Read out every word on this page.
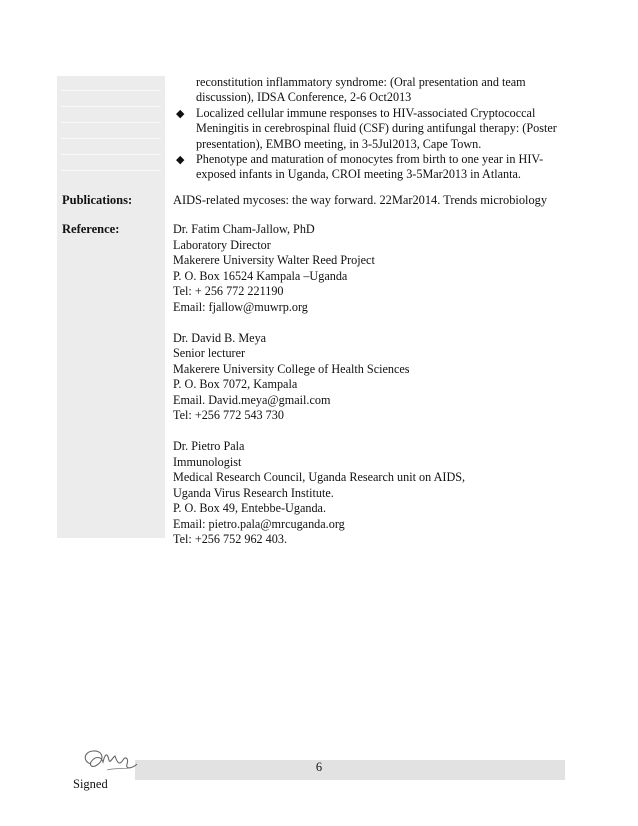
reconstitution inflammatory syndrome: (Oral presentation and team
discussion), IDSA Conference, 2-6 Oct2013
◆ Localized cellular immune responses to HIV-associated Cryptococcal
Meningitis in cerebrospinal fluid (CSF) during antifungal therapy: (Poster
presentation), EMBO meeting, in 3-5Jul2013, Cape Town.
◆ Phenotype and maturation of monocytes from birth to one year in HIV-
exposed infants in Uganda, CROI meeting 3-5Mar2013 in Atlanta.
Publications:	AIDS-related mycoses: the way forward. 22Mar2014. Trends microbiology
Reference:	Dr. Fatim Cham-Jallow, PhD
Laboratory Director
Makerere University Walter Reed Project
P. O. Box 16524 Kampala –Uganda
Tel: + 256 772 221190
Email: fjallow@muwrp.org
Dr. David B. Meya
Senior lecturer
Makerere University College of Health Sciences
P. O. Box 7072, Kampala
Email. David.meya@gmail.com
Tel: +256 772 543 730
Dr. Pietro Pala
Immunologist
Medical Research Council, Uganda Research unit on AIDS,
Uganda Virus Research Institute.
P. O. Box 49, Entebbe-Uganda.
Email: pietro.pala@mrcuganda.org
Tel: +256 752 962 403.
6
Signed
